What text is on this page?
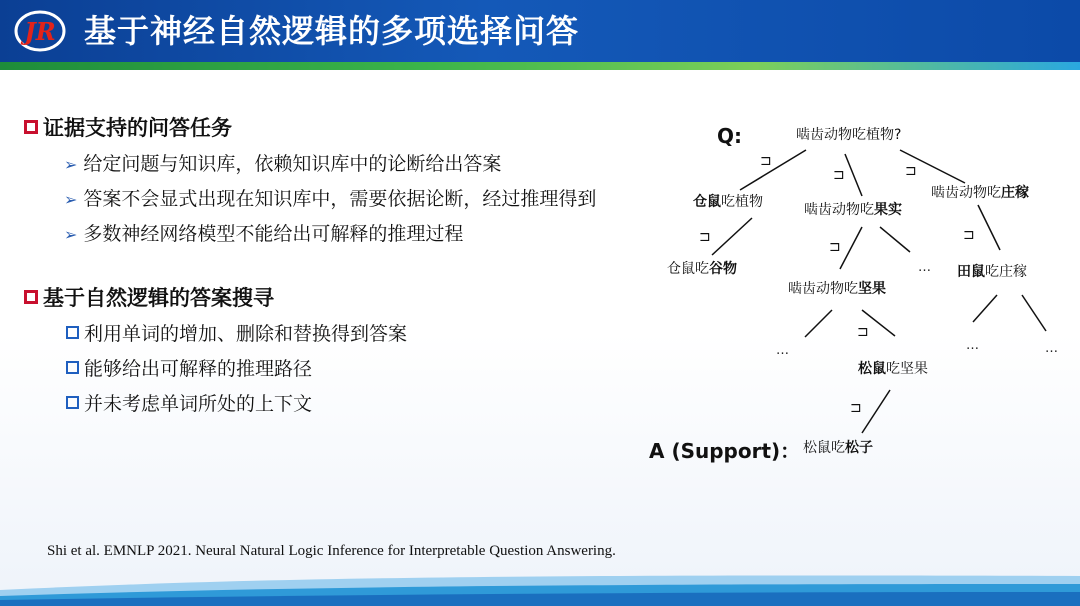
JR 基于神经自然逻辑的多项选择问答
证据支持的问答任务
➢ 给定问题与知识库，依赖知识库中的论断给出答案
➢ 答案不会显式出现在知识库中，需要依据论断，经过推理得到
➢ 多数神经网络模型不能给出可解释的推理过程
基于自然逻辑的答案搜寻
利用单词的增加、删除和替换得到答案
能够给出可解释的推理路径
并未考虑单词所处的上下文
Q:	啮齿动物吃植物?
仓鼠吃植物	啮齿动物吃果实
啮齿动物吃庄稼
仓鼠吃谷物
啮齿动物吃坚果
田鼠吃庄稼
松鼠吃坚果
A (Support)： 松鼠吃松子
⊐
⊐	⊐
⊐
⊐
⊐
⊐
⊐
…
…	…	…
Shi et al. EMNLP 2021. Neural Natural Logic Inference for Interpretable Question Answering.
